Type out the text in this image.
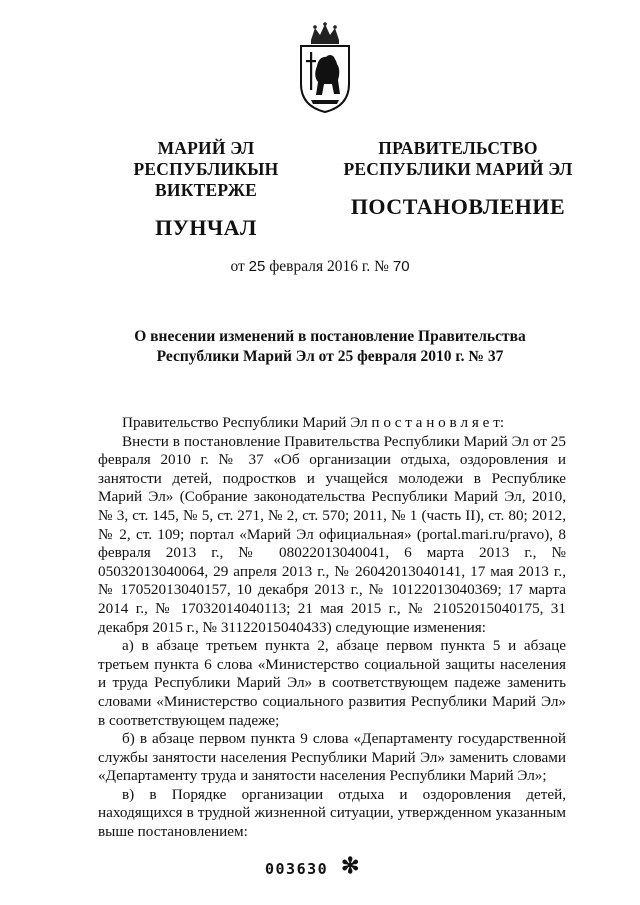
МАРИЙ ЭЛ РЕСПУБЛИКЫН
ВИКТЕРЖЕ
ПУНЧАЛ
ПРАВИТЕЛЬСТВО
РЕСПУБЛИКИ МАРИЙ ЭЛ
ПОСТАНОВЛЕНИЕ
от 25 февраля 2016 г. № 70
О внесении изменений в постановление Правительства
Республики Марий Эл от 25 февраля 2010 г. № 37

Правительство Республики Марий Эл п о с т а н о в л я е т:

Внести в постановление Правительства Республики Марий Эл от 25 февраля 2010 г. № 37 «Об организации отдыха, оздоровления и занятости детей, подростков и учащейся молодежи в Республике Марий Эл» (Собрание законодательства Республики Марий Эл, 2010, № 3, ст. 145, № 5, ст. 271, № 2, ст. 570; 2011, № 1 (часть II), ст. 80; 2012, № 2, ст. 109; портал «Марий Эл официальная» (portal.mari.ru/pravo), 8 февраля 2013 г., № 08022013040041, 6 марта 2013 г., № 05032013040064, 29 апреля 2013 г., № 26042013040141, 17 мая 2013 г., № 17052013040157, 10 декабря 2013 г., № 10122013040369; 17 марта 2014 г., № 17032014040113; 21 мая 2015 г., № 21052015040175, 31 декабря 2015 г., № 31122015040433) следующие изменения:

а) в абзаце третьем пункта 2, абзаце первом пункта 5 и абзаце третьем пункта 6 слова «Министерство социальной защиты населения и труда Республики Марий Эл» в соответствующем падеже заменить словами «Министерство социального развития Республики Марий Эл» в соответствующем падеже;

б) в абзаце первом пункта 9 слова «Департаменту государственной службы занятости населения Республики Марий Эл» заменить словами «Департаменту труда и занятости населения Республики Марий Эл»;

в) в Порядке организации отдыха и оздоровления детей, находящихся в трудной жизненной ситуации, утвержденном указанным выше постановлением:

003630 ✻
